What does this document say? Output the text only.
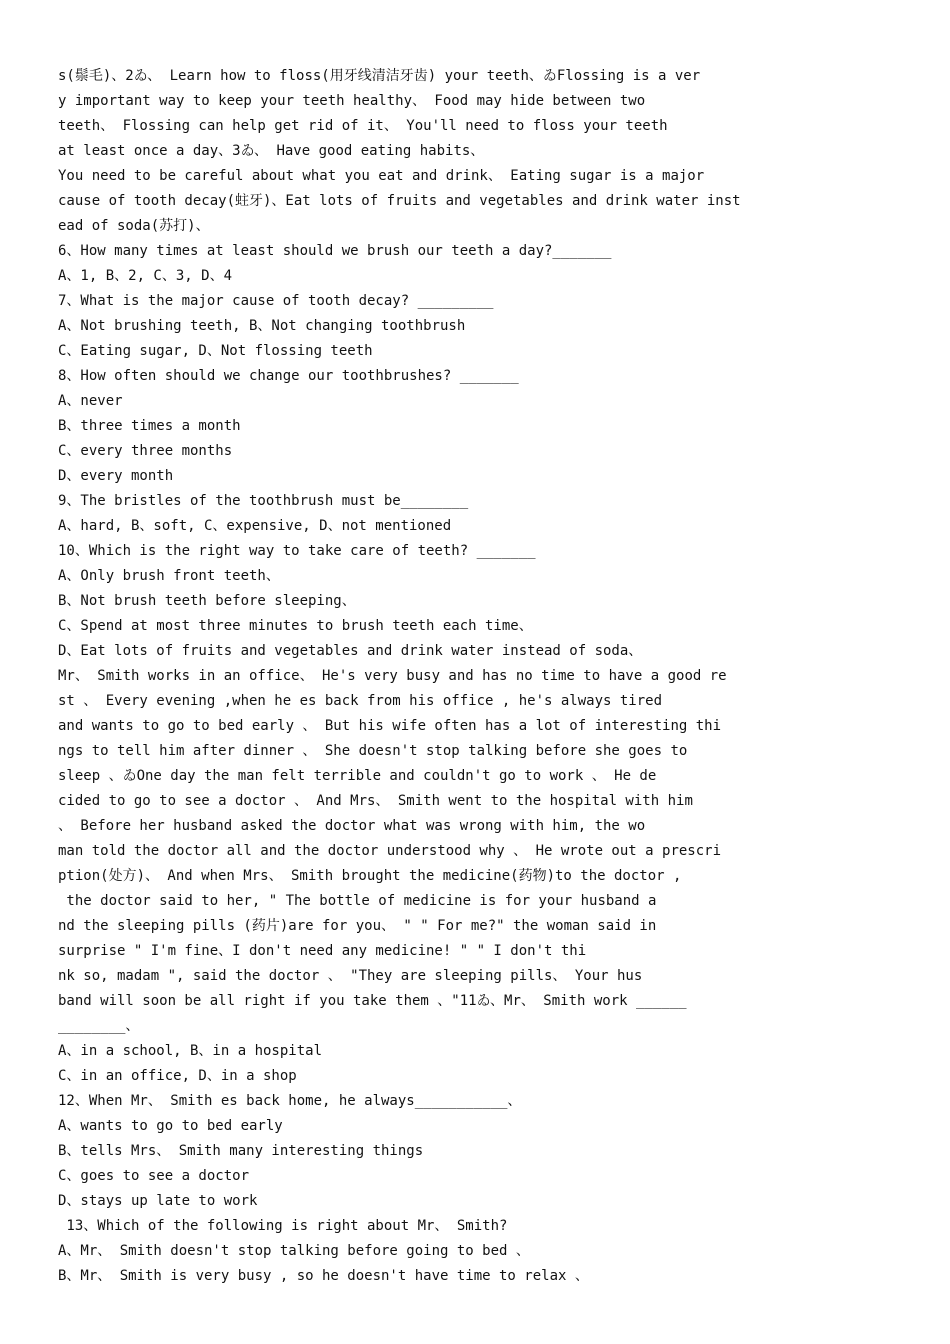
s(鬃毛)、2ゐ、 Learn how to floss(用牙线清洁牙齿) your teeth、ゐFlossing is a ver
y important way to keep your teeth healthy、 Food may hide between two
teeth、 Flossing can help get rid of it、 You'll need to floss your teeth
at least once a day、3ゐ、 Have good eating habits、
You need to be careful about what you eat and drink、 Eating sugar is a major
cause of tooth decay(蛀牙)、Eat lots of fruits and vegetables and drink water inst
ead of soda(苏打)、
6、How many times at least should we brush our teeth a day?_______
A、1, B、2, C、3, D、4
7、What is the major cause of tooth decay? _________
A、Not brushing teeth, B、Not changing toothbrush
C、Eating sugar, D、Not flossing teeth
8、How often should we change our toothbrushes? _______
A、never
B、three times a month
C、every three months
D、every month
9、The bristles of the toothbrush must be________
A、hard, B、soft, C、expensive, D、not mentioned
10、Which is the right way to take care of teeth? _______
A、Only brush front teeth、
B、Not brush teeth before sleeping、
C、Spend at most three minutes to brush teeth each time、
D、Eat lots of fruits and vegetables and drink water instead of soda、
Mr、 Smith works in an office、 He's very busy and has no time to have a good re
st 、 Every evening ,when he es back from his office , he's always tired
and wants to go to bed early 、 But his wife often has a lot of interesting thi
ngs to tell him after dinner 、 She doesn't stop talking before she goes to
sleep 、ゐOne day the man felt terrible and couldn't go to work 、 He de
cided to go to see a doctor 、 And Mrs、 Smith went to the hospital with him
、 Before her husband asked the doctor what was wrong with him, the wo
man told the doctor all and the doctor understood why 、 He wrote out a prescri
ption(处方)、 And when Mrs、 Smith brought the medicine(药物)to the doctor ,
the doctor said to her, " The bottle of medicine is for your husband a
nd the sleeping pills (药片)are for you、 " " For me?" the woman said in
surprise " I'm fine、I don't need any medicine! " " I don't thi
nk so, madam ", said the doctor 、 "They are sleeping pills、 Your hus
band will soon be all right if you take them 、"11ゐ、Mr、 Smith work ______
________、
A、in a school, B、in a hospital
C、in an office, D、in a shop
12、When Mr、 Smith es back home, he always___________、
A、wants to go to bed early
B、tells Mrs、 Smith many interesting things
C、goes to see a doctor
D、stays up late to work
13、Which of the following is right about Mr、 Smith?
A、Mr、 Smith doesn't stop talking before going to bed 、
B、Mr、 Smith is very busy , so he doesn't have time to relax 、
